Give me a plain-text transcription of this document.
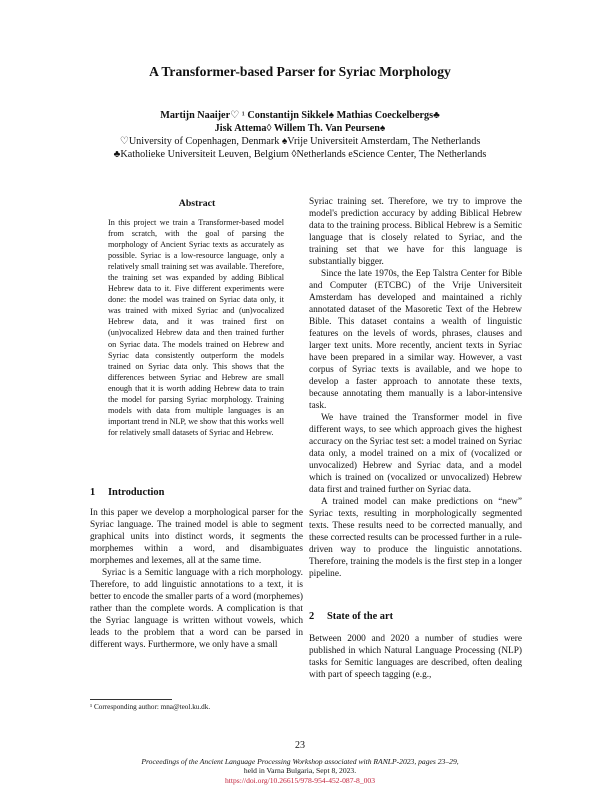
A Transformer-based Parser for Syriac Morphology
Martijn Naaijer♡ ¹ Constantijn Sikkel♠ Mathias Coeckelbergs♣
Jisk Attema◊ Willem Th. Van Peursen♠
♡University of Copenhagen, Denmark ♠Vrije Universiteit Amsterdam, The Netherlands
♣Katholieke Universiteit Leuven, Belgium ◊Netherlands eScience Center, The Netherlands
Abstract

In this project we train a Transformer-based model from scratch, with the goal of parsing the morphology of Ancient Syriac texts as accurately as possible. Syriac is a low-resource language, only a relatively small training set was available. Therefore, the training set was expanded by adding Biblical Hebrew data to it. Five different experiments were done: the model was trained on Syriac data only, it was trained with mixed Syriac and (un)vocalized Hebrew data, and it was trained first on (un)vocalized Hebrew data and then trained further on Syriac data. The models trained on Hebrew and Syriac data consistently outperform the models trained on Syriac data only. This shows that the differences between Syriac and Hebrew are small enough that it is worth adding Hebrew data to train the model for parsing Syriac morphology. Training models with data from multiple languages is an important trend in NLP, we show that this works well for relatively small datasets of Syriac and Hebrew.

1 Introduction

In this paper we develop a morphological parser for the Syriac language. The trained model is able to segment graphical units into distinct words, it segments the morphemes within a word, and disambiguates morphemes and lexemes, all at the same time.

Syriac is a Semitic language with a rich morphology. Therefore, to add linguistic annotations to a text, it is better to encode the smaller parts of a word (morphemes) rather than the complete words. A complication is that the Syriac language is written without vowels, which leads to the problem that a word can be parsed in different ways. Furthermore, we only have a small

Syriac training set. Therefore, we try to improve the model's prediction accuracy by adding Biblical Hebrew data to the training process. Biblical Hebrew is a Semitic language that is closely related to Syriac, and the training set that we have for this language is substantially bigger.

Since the late 1970s, the Eep Talstra Center for Bible and Computer (ETCBC) of the Vrije Universiteit Amsterdam has developed and maintained a richly annotated dataset of the Masoretic Text of the Hebrew Bible. This dataset contains a wealth of linguistic features on the levels of words, phrases, clauses and larger text units. More recently, ancient texts in Syriac have been prepared in a similar way. However, a vast corpus of Syriac texts is available, and we hope to develop a faster approach to annotate these texts, because annotating them manually is a labor-intensive task.

We have trained the Transformer model in five different ways, to see which approach gives the highest accuracy on the Syriac test set: a model trained on Syriac data only, a model trained on a mix of (vocalized or unvocalized) Hebrew and Syriac data, and a model which is trained on (vocalized or unvocalized) Hebrew data first and trained further on Syriac data.

A trained model can make predictions on “new” Syriac texts, resulting in morphologically segmented texts. These results need to be corrected manually, and these corrected results can be processed further in a rule-driven way to produce the linguistic annotations. Therefore, training the models is the first step in a longer pipeline.

2 State of the art

Between 2000 and 2020 a number of studies were published in which Natural Language Processing (NLP) tasks for Semitic languages are described, often dealing with part of speech tagging (e.g.,

¹ Corresponding author: mna@teol.ku.dk.
23
Proceedings of the Ancient Language Processing Workshop associated with RANLP-2023, pages 23–29,
held in Varna Bulgaria, Sept 8, 2023.
https://doi.org/10.26615/978-954-452-087-8_003
